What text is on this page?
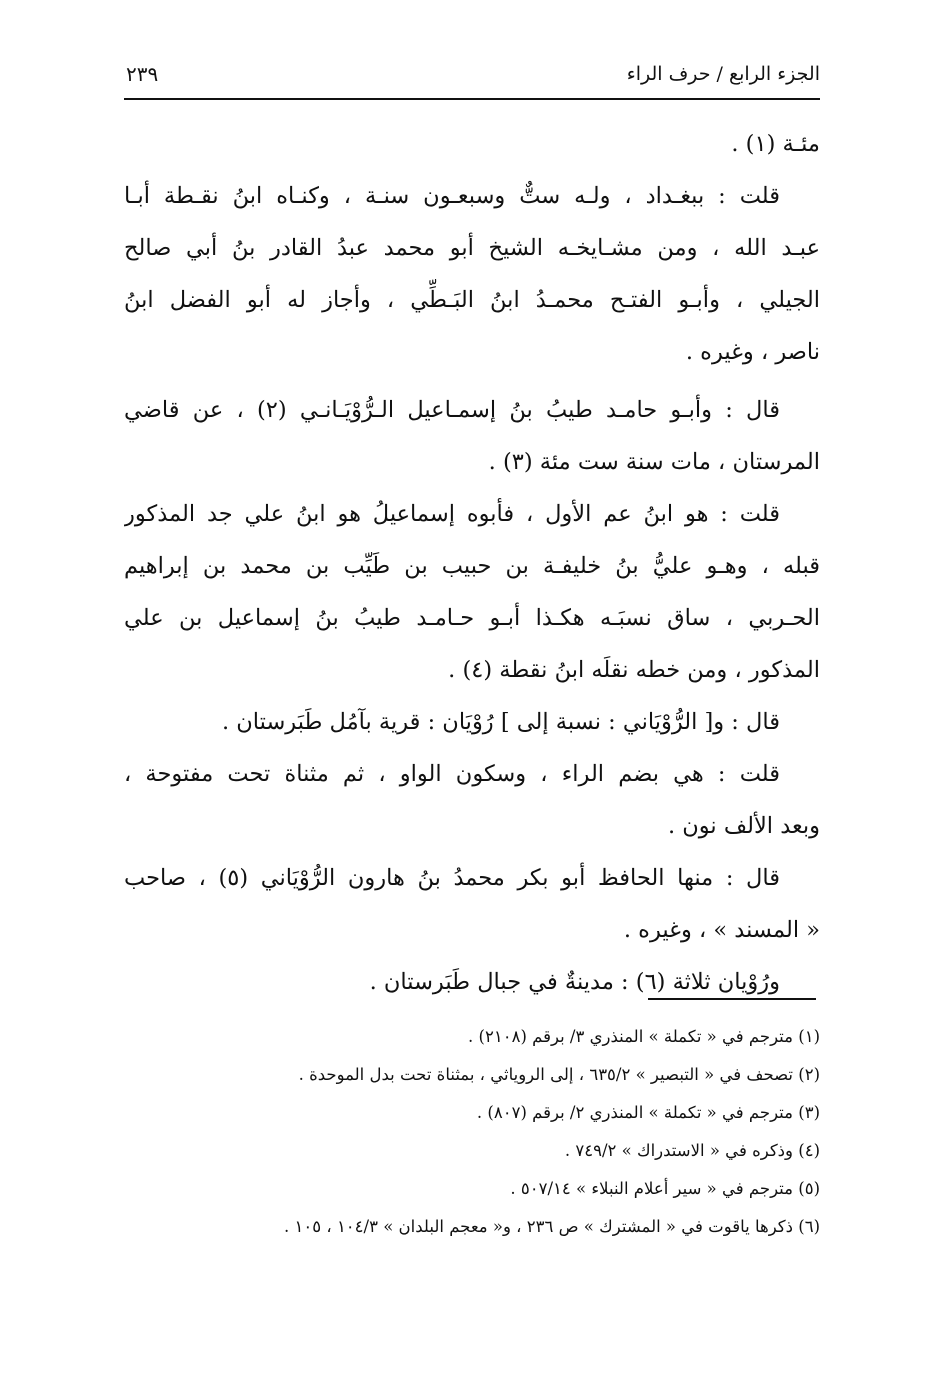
الجزء الرابع / حرف الراء
٢٣٩
مئـة (١) .
قلت : ببغـداد ، ولـه ستٌّ وسبعـون سنـة ، وكنـاه ابنُ نقـطة أبـا
عبـد الله ، ومن مشـايخـه الشيخ أبو محمد عبدُ القادر بنُ أبي صالح
الجيلي ، وأبـو الفتـح محمـدُ ابنُ البَـطِّي ، وأجاز له أبو الفضل ابنُ
ناصر ، وغيره .
قال : وأبـو حامـد طيبُ بنُ إسمـاعيل الـرُّوْيَـانـي (٢) ، عن قاضي
المرستان ، مات سنة ست مئة (٣) .
قلت : هو ابنُ عم الأول ، فأبوه إسماعيلُ هو ابنُ علي جد المذكور
قبله ، وهـو عليُّ بنُ خليفـة بن حبيب بن طَيِّب بن محمد بن إبراهيم
الحـربي ، ساق نسبَـه هكـذا أبـو حـامـد طيبُ بنُ إسماعيل بن علي
المذكور ، ومن خطه نقلَه ابنُ نقطة (٤) .
قال : و[ الرُّوْيَاني : نسبة إلى ] رُوْيَان : قرية بآمُل طَبَرستان .
قلت : هي بضم الراء ، وسكون الواو ، ثم مثناة تحت مفتوحة ،
وبعد الألف نون .
قال : منها الحافظ أبو بكر محمدُ بنُ هارون الرُّوْيَاني (٥) ، صاحب
« المسند » ، وغيره .
ورُوْيان ثلاثة (٦) : مدينةٌ في جبال طَبَرستان .
(١) مترجم في « تكملة » المنذري ٣/ برقم (٢١٠٨) .
(٢) تصحف في « التبصير » ٦٣٥/٢ ، إلى الروياثي ، بمثناة تحت بدل الموحدة .
(٣) مترجم في « تكملة » المنذري ٢/ برقم (٨٠٧) .
(٤) وذكره في « الاستدراك » ٧٤٩/٢ .
(٥) مترجم في « سير أعلام النبلاء » ٥٠٧/١٤ .
(٦) ذكرها ياقوت في « المشترك » ص ٢٣٦ ، و« معجم البلدان » ١٠٤/٣ ، ١٠٥ .
